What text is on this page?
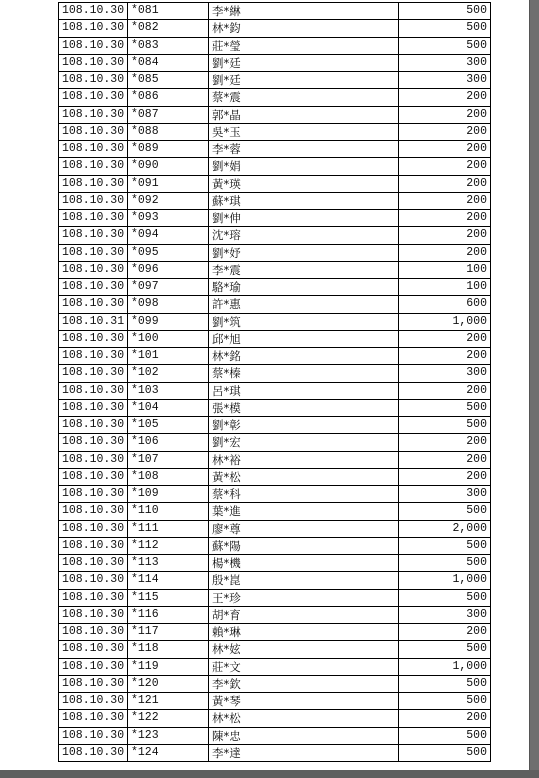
108.10.30	*081	李*綝	500
108.10.30	*082	林*鈞	500
108.10.30	*083	莊*瑩	500
108.10.30	*084	劉*廷	300
108.10.30	*085	劉*廷	300
108.10.30	*086	蔡*震	200
108.10.30	*087	郭*晶	200
108.10.30	*088	吳*玉	200
108.10.30	*089	李*蓉	200
108.10.30	*090	劉*娟	200
108.10.30	*091	黃*瑛	200
108.10.30	*092	蘇*琪	200
108.10.30	*093	劉*伸	200
108.10.30	*094	沈*瑢	200
108.10.30	*095	劉*妤	200
108.10.30	*096	李*震	100
108.10.30	*097	駱*瑜	100
108.10.30	*098	許*惠	600
108.10.31	*099	劉*筑	1,000
108.10.30	*100	邱*旭	200
108.10.30	*101	林*銘	200
108.10.30	*102	蔡*榛	300
108.10.30	*103	呂*琪	200
108.10.30	*104	張*模	500
108.10.30	*105	劉*彰	500
108.10.30	*106	劉*宏	200
108.10.30	*107	林*裕	200
108.10.30	*108	黃*松	200
108.10.30	*109	蔡*科	300
108.10.30	*110	葉*進	500
108.10.30	*111	廖*尊	2,000
108.10.30	*112	蘇*陽	500
108.10.30	*113	楊*機	500
108.10.30	*114	殷*崑	1,000
108.10.30	*115	王*珍	500
108.10.30	*116	胡*育	300
108.10.30	*117	賴*琳	200
108.10.30	*118	林*妶	500
108.10.30	*119	莊*文	1,000
108.10.30	*120	李*欽	500
108.10.30	*121	黃*琴	500
108.10.30	*122	林*松	200
108.10.30	*123	陳*忠	500
108.10.30	*124	李*達	500
